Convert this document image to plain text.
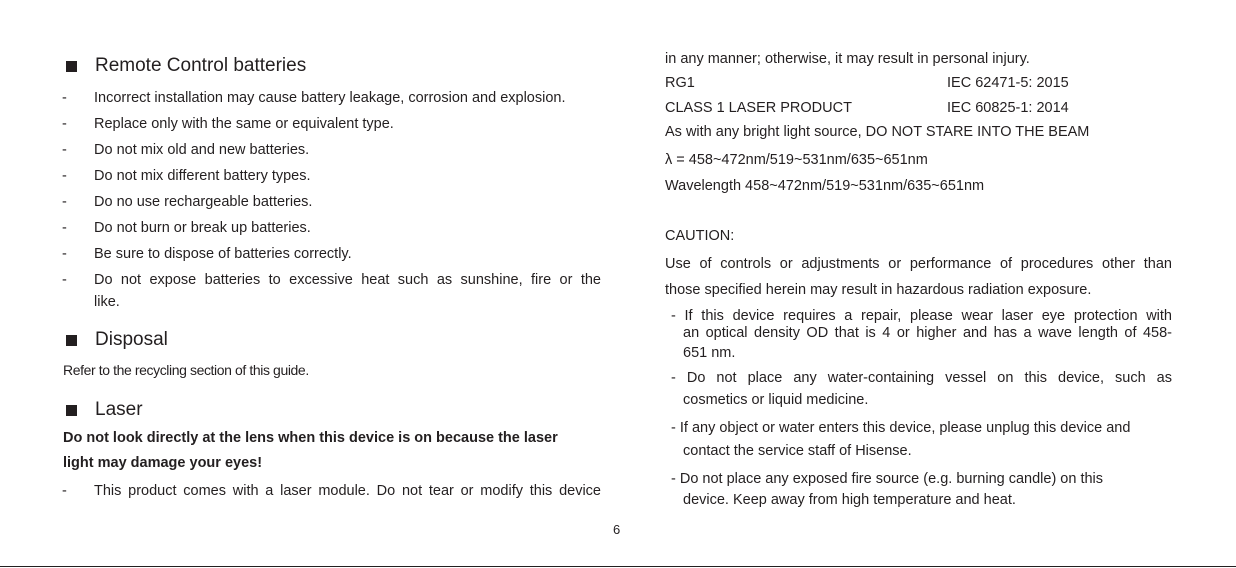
Remote Control batteries
- Incorrect installation may cause battery leakage, corrosion and explosion.
- Replace only with the same or equivalent type.
- Do not mix old and new batteries.
- Do not mix different battery types.
- Do no use rechargeable batteries.
- Do not burn or break up batteries.
- Be sure to dispose of batteries correctly.
- Do not expose batteries to excessive heat such as sunshine, fire or the
like.
Disposal
Refer to the recycling section of this guide.
Laser
Do not look directly at the lens when this device is on because the laser
light may damage your eyes!
- This product comes with a laser module. Do not tear or modify this device
in any manner; otherwise, it may result in personal injury.
RG1	IEC 62471-5: 2015
CLASS 1 LASER PRODUCT	IEC 60825-1: 2014
As with any bright light source, DO NOT STARE INTO THE BEAM
λ = 458~472nm/519~531nm/635~651nm
Wavelength 458~472nm/519~531nm/635~651nm
CAUTION:
Use of controls or adjustments or performance of procedures other than
those specified herein may result in hazardous radiation exposure.
- If this device requires a repair, please wear laser eye protection with
an optical density OD that is 4 or higher and has a wave length of 458-
651 nm.
- Do not place any water-containing vessel on this device, such as
cosmetics or liquid medicine.
- If any object or water enters this device, please unplug this device and
contact the service staff of Hisense.
- Do not place any exposed fire source (e.g. burning candle) on this
device. Keep away from high temperature and heat.
6
